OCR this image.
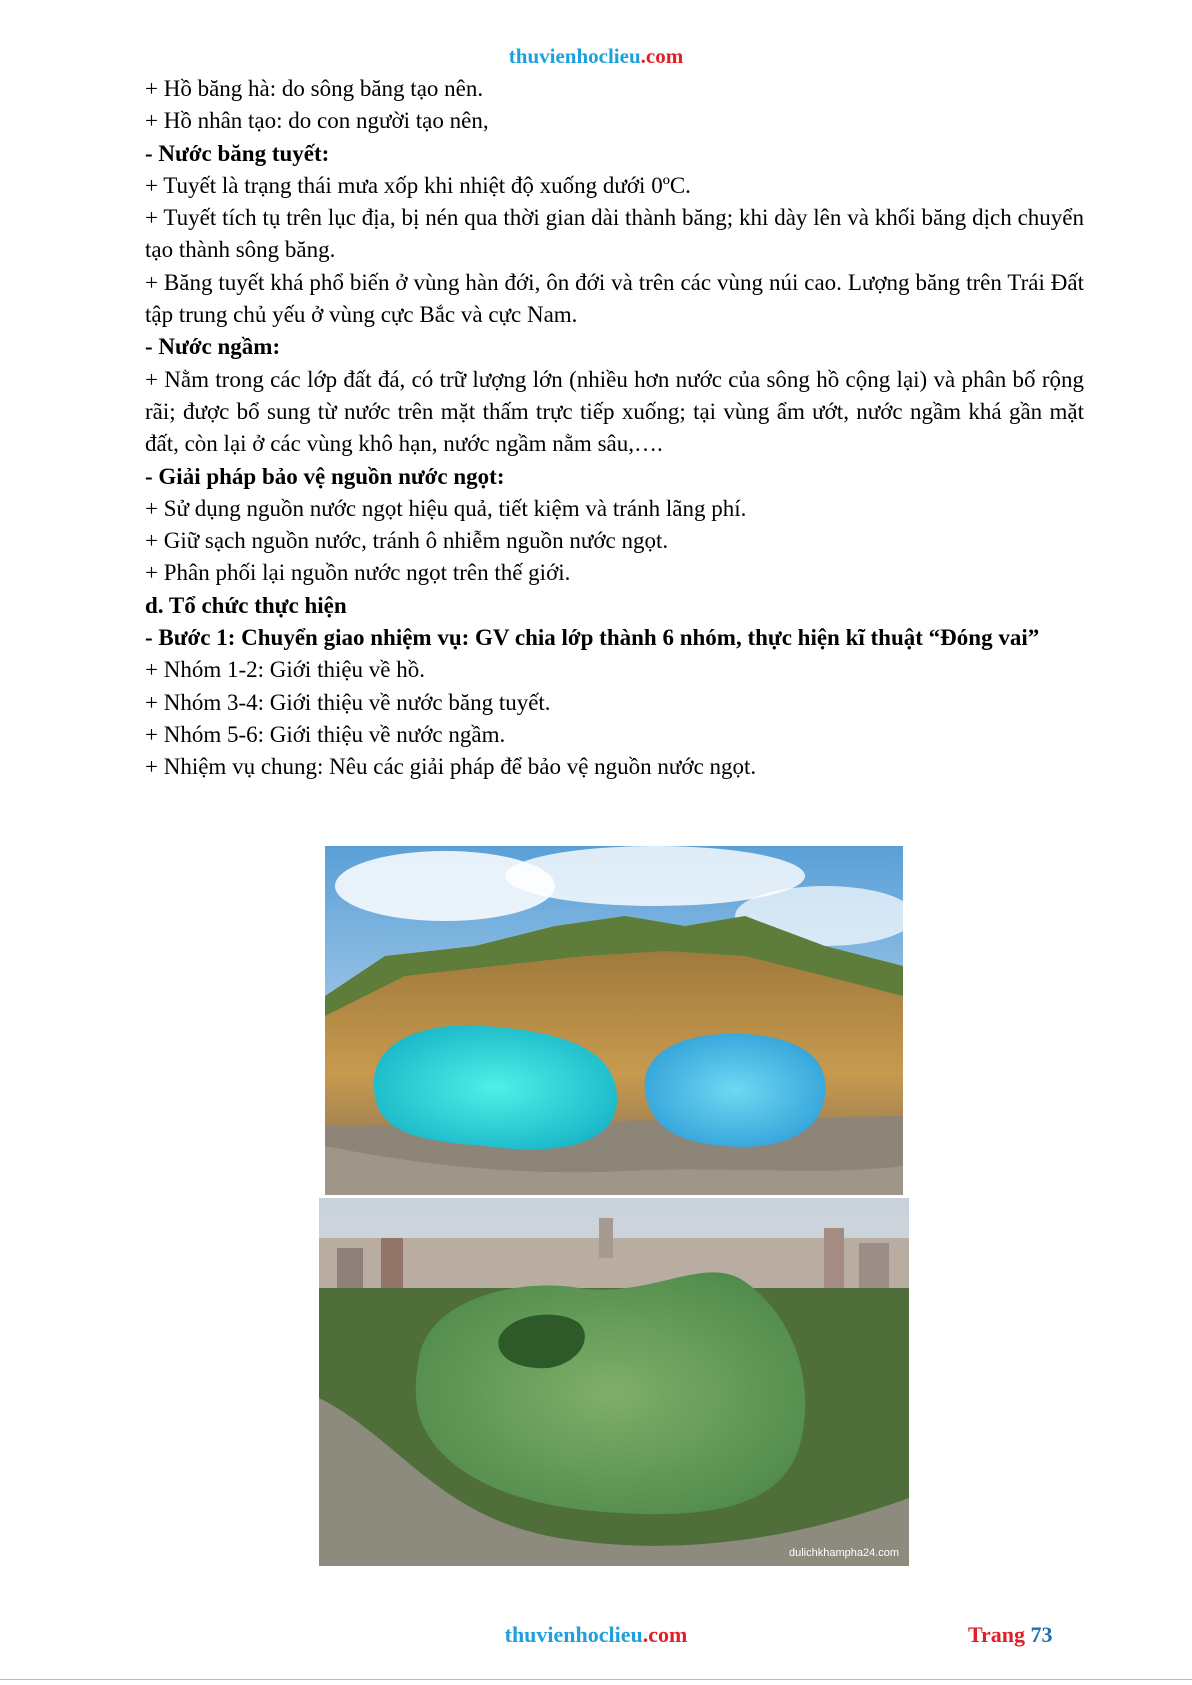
thuvienhoclieu.com

+ Hồ băng hà: do sông băng tạo nên.

+ Hồ nhân tạo: do con người tạo nên,

- Nước băng tuyết:

+ Tuyết là trạng thái mưa xốp khi nhiệt độ xuống dưới 0ºC.

+ Tuyết tích tụ trên lục địa, bị nén qua thời gian dài thành băng; khi dày lên và khối băng dịch chuyển tạo thành sông băng.

+ Băng tuyết khá phổ biến ở vùng hàn đới, ôn đới và trên các vùng núi cao. Lượng băng trên Trái Đất tập trung chủ yếu ở vùng cực Bắc và cực Nam.

- Nước ngầm:

+ Nằm trong các lớp đất đá, có trữ lượng lớn (nhiều hơn nước của sông hồ cộng lại) và phân bố rộng rãi; được bổ sung từ nước trên mặt thấm trực tiếp xuống; tại vùng ẩm ướt, nước ngầm khá gần mặt đất, còn lại ở các vùng khô hạn, nước ngầm nằm sâu,….

- Giải pháp bảo vệ nguồn nước ngọt:

+ Sử dụng nguồn nước ngọt hiệu quả, tiết kiệm và tránh lãng phí.

+ Giữ sạch nguồn nước, tránh ô nhiễm nguồn nước ngọt.

+ Phân phối lại nguồn nước ngọt trên thế giới.

d. Tổ chức thực hiện

- Bước 1: Chuyển giao nhiệm vụ: GV chia lớp thành 6 nhóm, thực hiện kĩ thuật “Đóng vai”

+ Nhóm 1-2: Giới thiệu về hồ.

+ Nhóm 3-4: Giới thiệu về nước băng tuyết.

+ Nhóm 5-6: Giới thiệu về nước ngầm.

+ Nhiệm vụ chung: Nêu các giải pháp để bảo vệ nguồn nước ngọt.

dulichkhampha24.com
thuvienhoclieu.com	Trang 73
